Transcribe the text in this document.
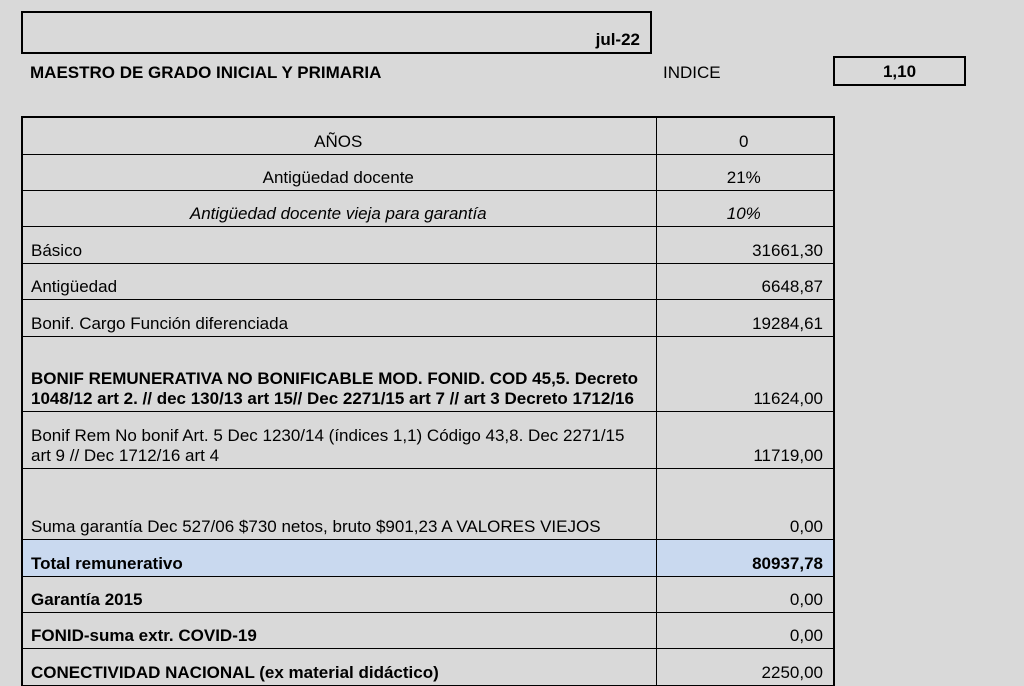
jul-22
MAESTRO DE GRADO INICIAL Y PRIMARIA	INDICE	1,10
AÑOS	0
Antigüedad docente	21%
Antigüedad docente vieja para garantía	10%
Básico	31661,30
Antigüedad	6648,87
Bonif. Cargo Función diferenciada	19284,61
BONIF REMUNERATIVA NO BONIFICABLE MOD. FONID. COD 45,5. Decreto 1048/12 art 2. // dec 130/13 art 15// Dec 2271/15 art 7 // art 3 Decreto 1712/16	11624,00
Bonif Rem No bonif Art. 5 Dec 1230/14 (índices 1,1) Código 43,8. Dec 2271/15 art 9 // Dec 1712/16 art 4	11719,00
Suma garantía Dec 527/06 $730 netos, bruto $901,23 A VALORES VIEJOS	0,00
Total remunerativo	80937,78
Garantía 2015	0,00
FONID-suma extr. COVID-19	0,00
CONECTIVIDAD NACIONAL (ex material didáctico)	2250,00
